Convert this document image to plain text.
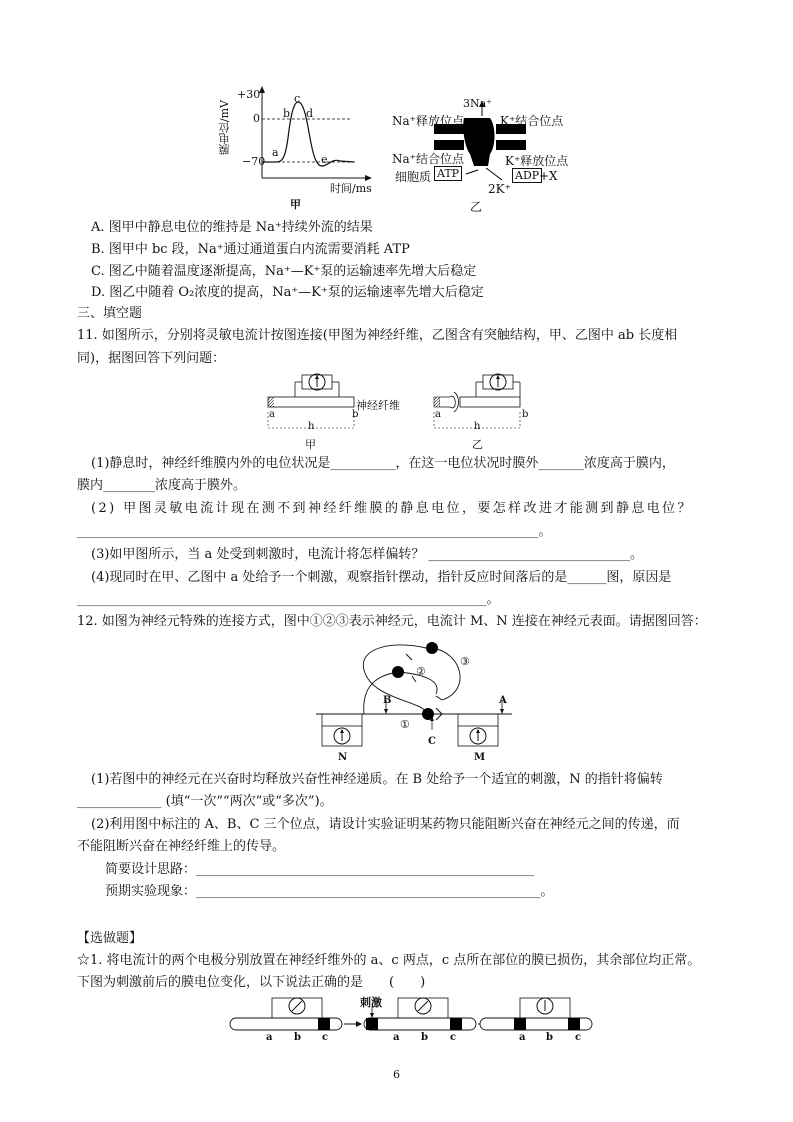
+30
0
−70
膜电位/mV	a
b
c
d
e
时间/ms
甲
3Na⁺
Na⁺释放位点	K⁺结合位点
Na⁺结合位点	K⁺释放位点
细胞质 ATP	ADP +X
2K⁺
乙
A. 图甲中静息电位的维持是 Na⁺持续外流的结果
B. 图甲中 bc 段，Na⁺通过通道蛋白内流需要消耗 ATP
C. 图乙中随着温度逐渐提高，Na⁺—K⁺泵的运输速率先增大后稳定
D. 图乙中随着 O₂浓度的提高，Na⁺—K⁺泵的运输速率先增大后稳定
三、填空题
11. 如图所示，分别将灵敏电流计按图连接(甲图为神经纤维，乙图含有突触结构，甲、乙图中 ab 长度相
同)，据图回答下列问题：
神经纤维
a	b
h
甲
a	b
h
乙
(1)静息时，神经纤维膜内外的电位状况是__________，在这一电位状况时膜外_______浓度高于膜内，
膜内________浓度高于膜外。
(2) 甲图灵敏电流计现在测不到神经纤维膜的静息电位，要怎样改进才能测到静息电位？
_______________________________________________________________________。
(3)如甲图所示，当 a 处受到刺激时，电流计将怎样偏转？ _______________________________。
(4)现同时在甲、乙图中 a 处给予一个刺激，观察指针摆动，指针反应时间落后的是______图，原因是
_______________________________________________________________。
12. 如图为神经元特殊的连接方式，图中①②③表示神经元，电流计 M、N 连接在神经元表面。请据图回答：
①
②
③
A
B
C
N	M
(1)若图中的神经元在兴奋时均释放兴奋性神经递质。在 B 处给予一个适宜的刺激，N 的指针将偏转
_____________ (填“一次”“两次”或“多次”)。
(2)利用图中标注的 A、B、C 三个位点，请设计实验证明某药物只能阻断兴奋在神经元之间的传递，而
不能阻断兴奋在神经纤维上的传导。
简要设计思路：____________________________________________________
预期实验现象：_____________________________________________________。
【选做题】
☆1. 将电流计的两个电极分别放置在神经纤维外的 a、c 两点，c 点所在部位的膜已损伤，其余部位均正常。
下图为刺激前后的膜电位变化，以下说法正确的是　　(　　)
刺激
a b c	a b c	a b c
6
